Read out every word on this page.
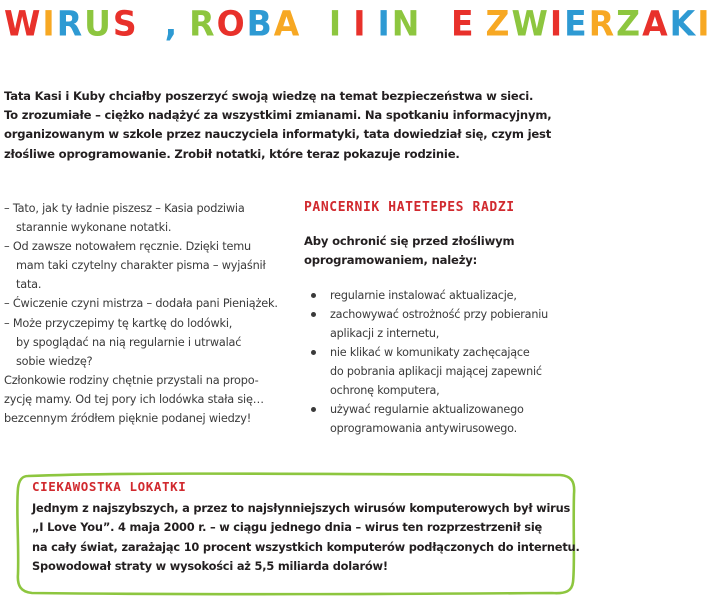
WIRUSY, ROBAKI I INNE ZWIERZAKI

Tata Kasi i Kuby chciałby poszerzyć swoją wiedzę na temat bezpieczeństwa w sieci.

To zrozumiałe – ciężko nadążyć za wszystkimi zmianami. Na spotkaniu informacyjnym,

organizowanym w szkole przez nauczyciela informatyki, tata dowiedział się, czym jest

złośliwe oprogramowanie. Zrobił notatki, które teraz pokazuje rodzinie.

– Tato, jak ty ładnie piszesz – Kasia podziwia

starannie wykonane notatki.

– Od zawsze notowałem ręcznie. Dzięki temu

mam taki czytelny charakter pisma – wyjaśnił

tata.

– Ćwiczenie czyni mistrza – dodała pani Pieniążek.

– Może przyczepimy tę kartkę do lodówki,

by spoglądać na nią regularnie i utrwalać

sobie wiedzę?

Członkowie rodziny chętnie przystali na propo-

zycję mamy. Od tej pory ich lodówka stała się…

bezcennym źródłem pięknie podanej wiedzy!

PANCERNIK HATETEPES RADZI

Aby ochronić się przed złośliwym

oprogramowaniem, należy:

regularnie instalować aktualizacje,
zachowywać ostrożność przy pobieraniu
aplikacji z internetu,
nie klikać w komunikaty zachęcające
do pobrania aplikacji mającej zapewnić
ochronę komputera,
używać regularnie aktualizowanego
oprogramowania antywirusowego.
CIEKAWOSTKA LOKATKI

Jednym z najszybszych, a przez to najsłynniejszych wirusów komputerowych był wirus

„I Love You”. 4 maja 2000 r. – w ciągu jednego dnia – wirus ten rozprzestrzenił się

na cały świat, zarażając 10 procent wszystkich komputerów podłączonych do internetu.

Spowodował straty w wysokości aż 5,5 miliarda dolarów!
